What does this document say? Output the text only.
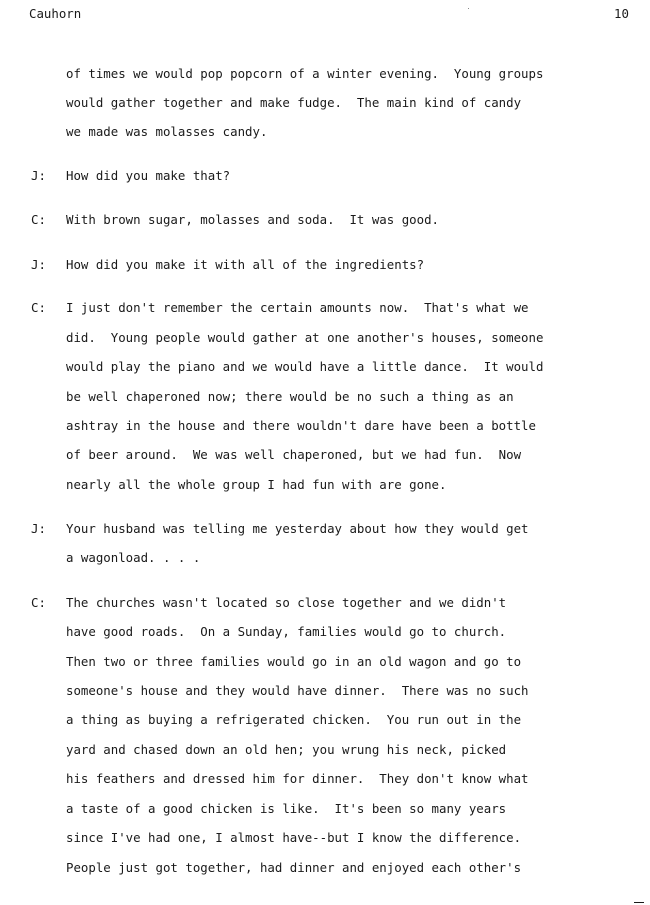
Cauhorn	10
of times we would pop popcorn of a winter evening.  Young groups
would gather together and make fudge.  The main kind of candy
we made was molasses candy.
J: How did you make that?
C: With brown sugar, molasses and soda.  It was good.
J: How did you make it with all of the ingredients?
C: I just don't remember the certain amounts now.  That's what we
did.  Young people would gather at one another's houses, someone
would play the piano and we would have a little dance.  It would
be well chaperoned now; there would be no such a thing as an
ashtray in the house and there wouldn't dare have been a bottle
of beer around.  We was well chaperoned, but we had fun.  Now
nearly all the whole group I had fun with are gone.
J: Your husband was telling me yesterday about how they would get
a wagonload. . . .
C: The churches wasn't located so close together and we didn't
have good roads.  On a Sunday, families would go to church.
Then two or three families would go in an old wagon and go to
someone's house and they would have dinner.  There was no such
a thing as buying a refrigerated chicken.  You run out in the
yard and chased down an old hen; you wrung his neck, picked
his feathers and dressed him for dinner.  They don't know what
a taste of a good chicken is like.  It's been so many years
since I've had one, I almost have--but I know the difference.
People just got together, had dinner and enjoyed each other's
